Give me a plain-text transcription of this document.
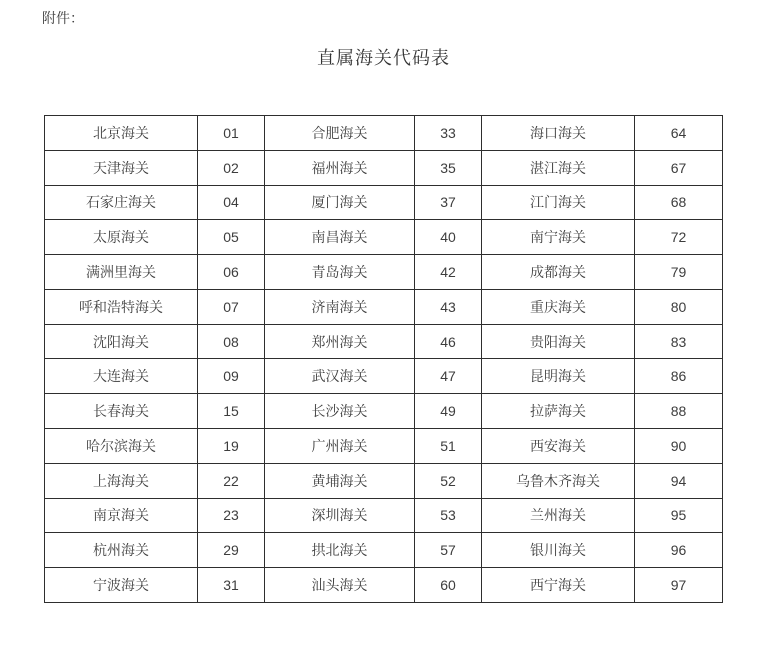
附件：
直属海关代码表
北京海关	01	合肥海关	33	海口海关	64
天津海关	02	福州海关	35	湛江海关	67
石家庄海关	04	厦门海关	37	江门海关	68
太原海关	05	南昌海关	40	南宁海关	72
满洲里海关	06	青岛海关	42	成都海关	79
呼和浩特海关	07	济南海关	43	重庆海关	80
沈阳海关	08	郑州海关	46	贵阳海关	83
大连海关	09	武汉海关	47	昆明海关	86
长春海关	15	长沙海关	49	拉萨海关	88
哈尔滨海关	19	广州海关	51	西安海关	90
上海海关	22	黄埔海关	52	乌鲁木齐海关	94
南京海关	23	深圳海关	53	兰州海关	95
杭州海关	29	拱北海关	57	银川海关	96
宁波海关	31	汕头海关	60	西宁海关	97
